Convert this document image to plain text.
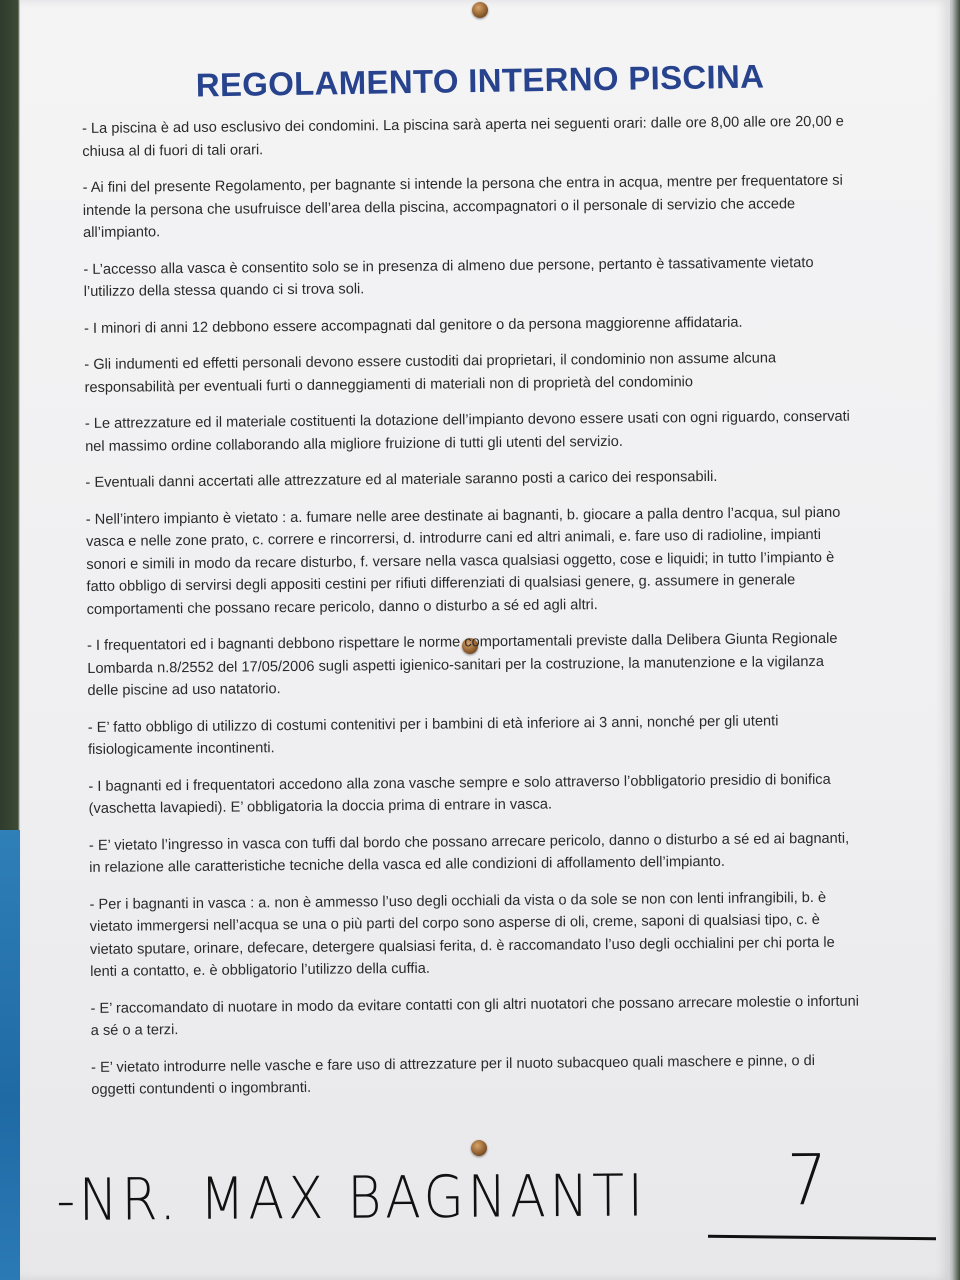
REGOLAMENTO INTERNO PISCINA

- La piscina è ad uso esclusivo dei condomini. La piscina sarà aperta nei seguenti orari: dalle ore 8,00 alle ore 20,00 e chiusa al di fuori di tali orari.

- Ai fini del presente Regolamento, per bagnante si intende la persona che entra in acqua, mentre per frequentatore si intende la persona che usufruisce dell’area della piscina, accompagnatori o il personale di servizio che accede all’impianto.

- L’accesso alla vasca è consentito solo se in presenza di almeno due persone, pertanto è tassativamente vietato l’utilizzo della stessa quando ci si trova soli.

- I minori di anni 12 debbono essere accompagnati dal genitore o da persona maggiorenne affidataria.

- Gli indumenti ed effetti personali devono essere custoditi dai proprietari, il condominio non assume alcuna responsabilità per eventuali furti o danneggiamenti di materiali non di proprietà del condominio

- Le attrezzature ed il materiale costituenti la dotazione dell’impianto devono essere usati con ogni riguardo, conservati nel massimo ordine collaborando alla migliore fruizione di tutti gli utenti del servizio.

- Eventuali danni accertati alle attrezzature ed al materiale saranno posti a carico dei responsabili.

- Nell’intero impianto è vietato : a. fumare nelle aree destinate ai bagnanti, b. giocare a palla dentro l’acqua, sul piano vasca e nelle zone prato, c. correre e rincorrersi, d. introdurre cani ed altri animali, e. fare uso di radioline, impianti sonori e simili in modo da recare disturbo, f. versare nella vasca qualsiasi oggetto, cose e liquidi; in tutto l’impianto è fatto obbligo di servirsi degli appositi cestini per rifiuti differenziati di qualsiasi genere, g. assumere in generale comportamenti che possano recare pericolo, danno o disturbo a sé ed agli altri.

- I frequentatori ed i bagnanti debbono rispettare le norme comportamentali previste dalla Delibera Giunta Regionale Lombarda n.8/2552 del 17/05/2006 sugli aspetti igienico-sanitari per la costruzione, la manutenzione e la vigilanza delle piscine ad uso natatorio.

- E’ fatto obbligo di utilizzo di costumi contenitivi per i bambini di età inferiore ai 3 anni, nonché per gli utenti fisiologicamente incontinenti.

- I bagnanti ed i frequentatori accedono alla zona vasche sempre e solo attraverso l’obbligatorio presidio di bonifica (vaschetta lavapiedi). E’ obbligatoria la doccia prima di entrare in vasca.

- E’ vietato l’ingresso in vasca con tuffi dal bordo che possano arrecare pericolo, danno o disturbo a sé ed ai bagnanti, in relazione alle caratteristiche tecniche della vasca ed alle condizioni di affollamento dell’impianto.

- Per i bagnanti in vasca : a. non è ammesso l’uso degli occhiali da vista o da sole se non con lenti infrangibili, b. è vietato immergersi nell’acqua se una o più parti del corpo sono asperse di oli, creme, saponi di qualsiasi tipo, c. è vietato sputare, orinare, defecare, detergere qualsiasi ferita, d. è raccomandato l’uso degli occhialini per chi porta le lenti a contatto, e. è obbligatorio l’utilizzo della cuffia.

- E’ raccomandato di nuotare in modo da evitare contatti con gli altri nuotatori che possano arrecare molestie o infortuni a sé o a terzi.

- E’ vietato introdurre nelle vasche e fare uso di attrezzature per il nuoto subacqueo quali maschere e pinne, o di oggetti contundenti o ingombranti.

-NR. MAX BAGNANTI 7
